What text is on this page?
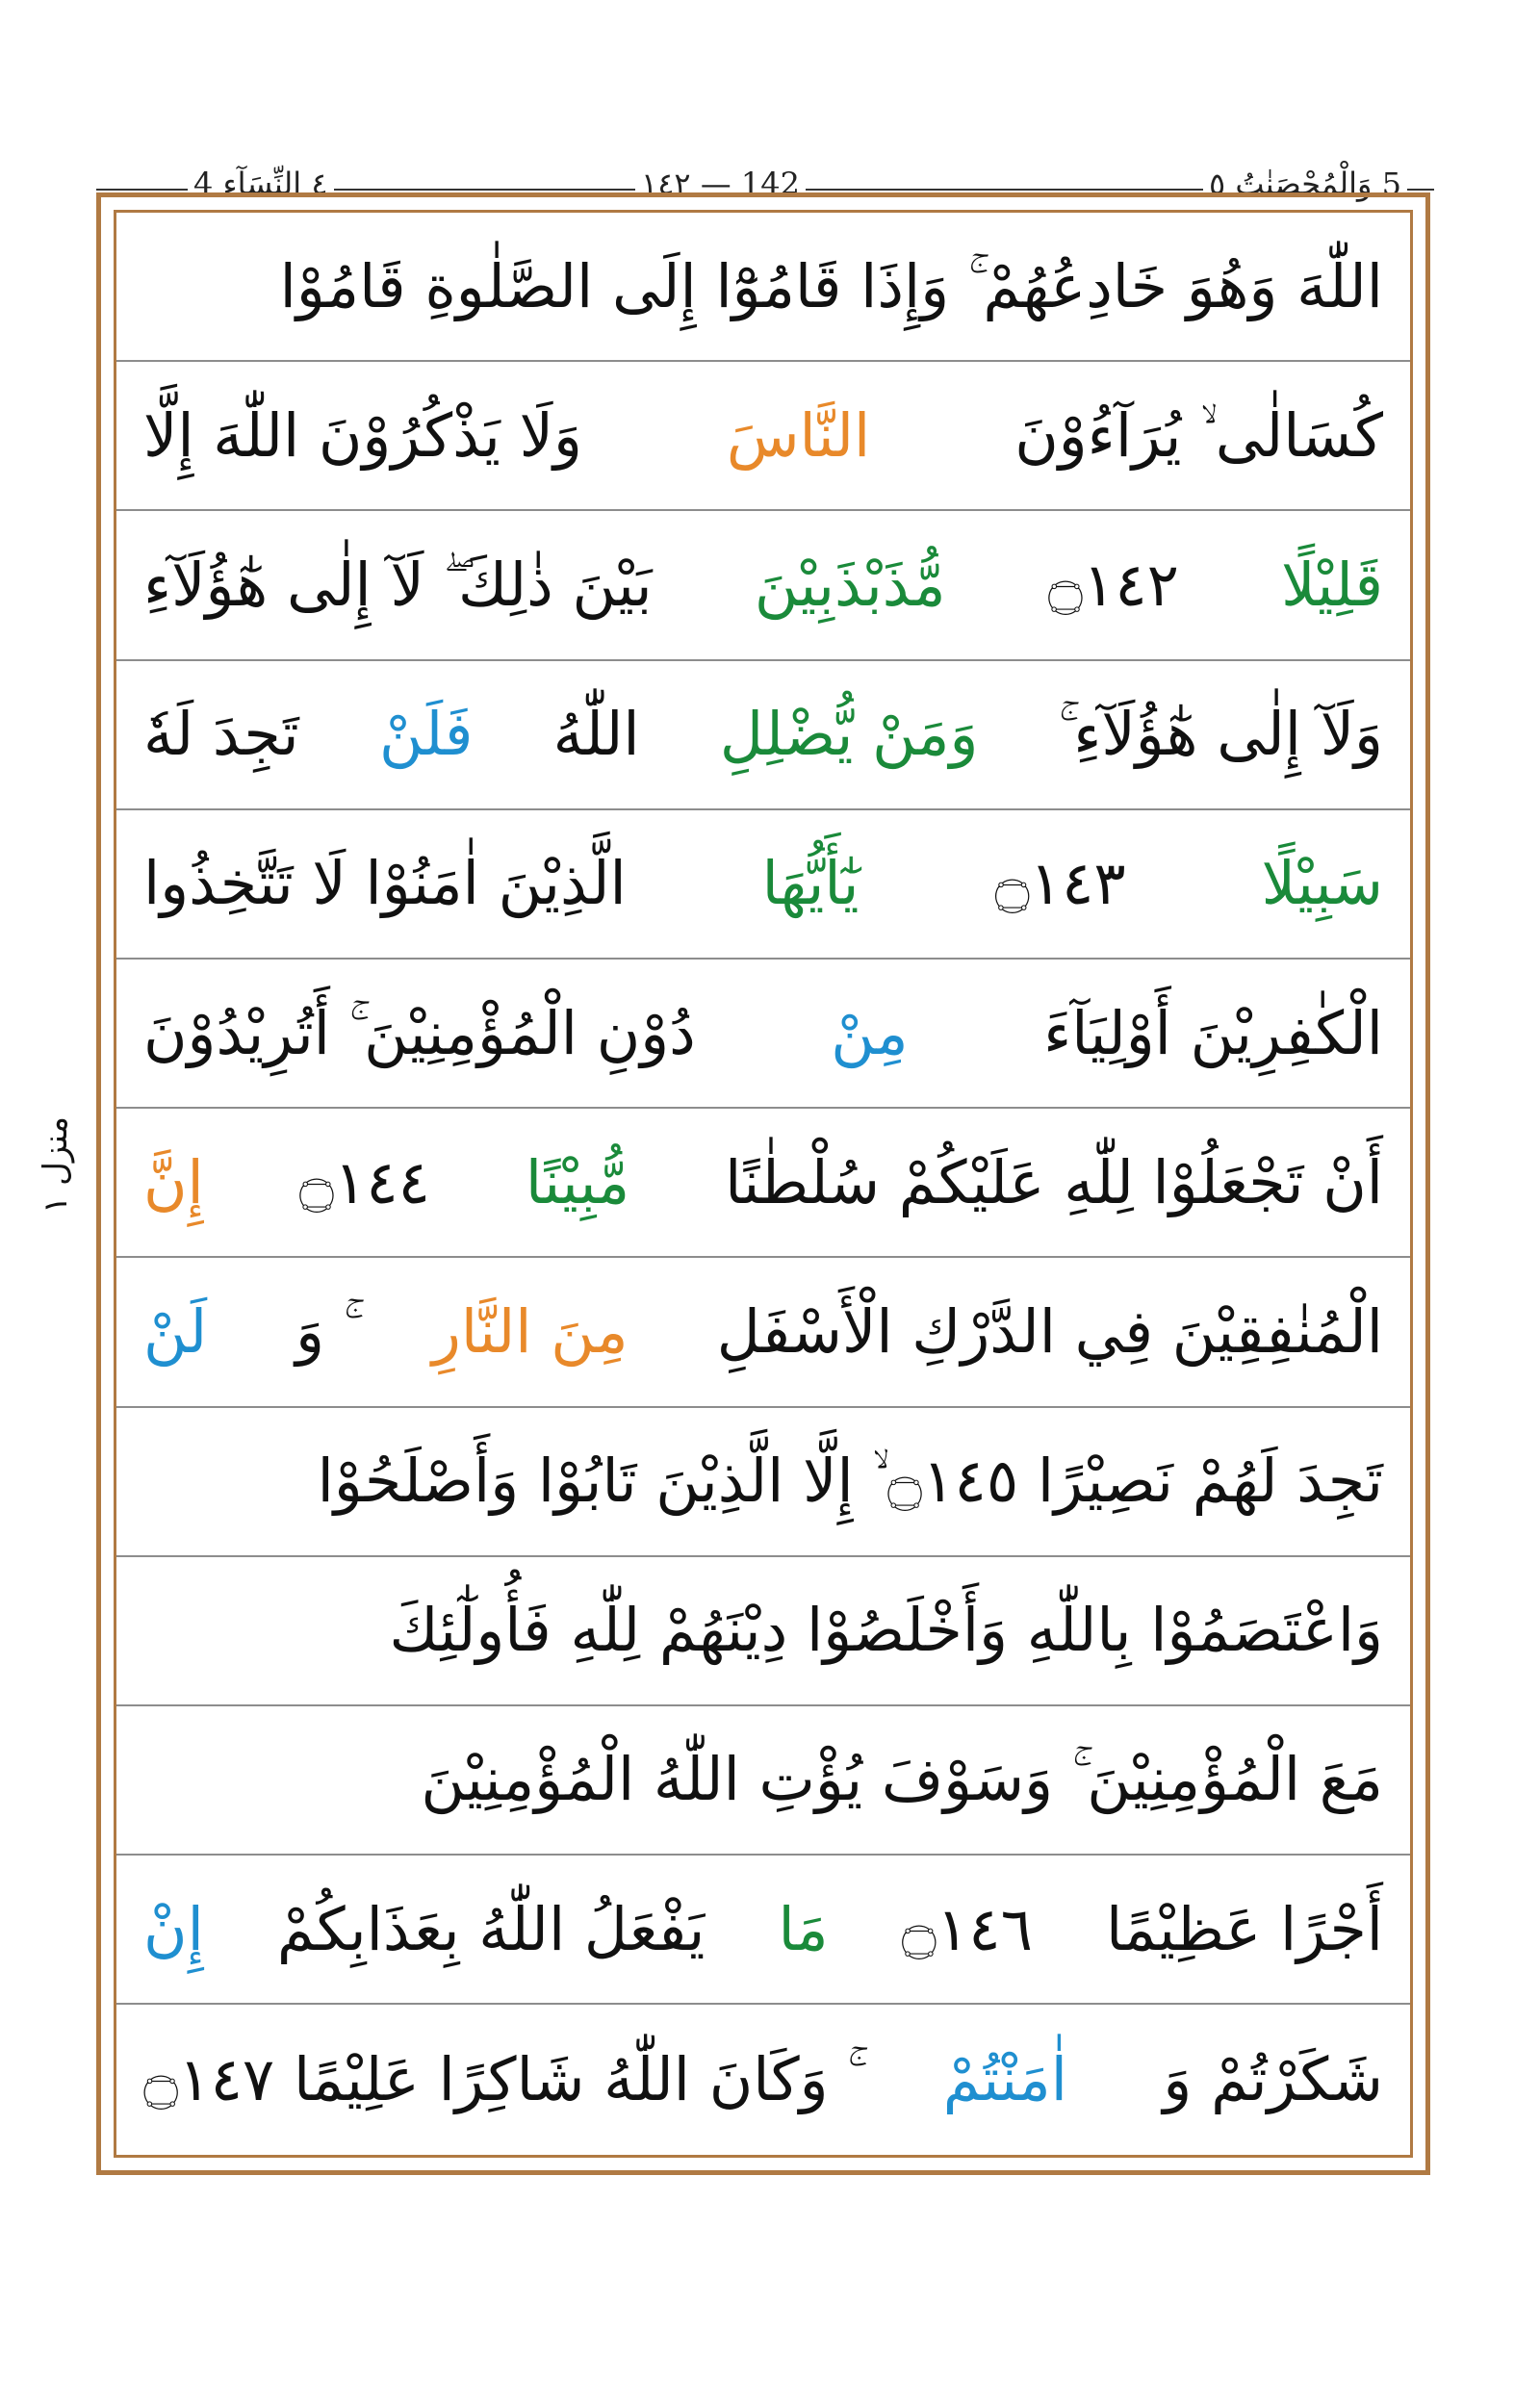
٤ النِّسَآء 4	142 — ١٤٢	5 وَالْمُحْصَنٰتُ ٥
منزل ١
اللّٰهَ وَهُوَ خَادِعُهُمْ ۚ وَإِذَا قَامُوْٓا إِلَى الصَّلٰوةِ قَامُوْا
كُسَالٰى ۙ يُرَآءُوْنَ
النَّاسَ
وَلَا يَذْكُرُوْنَ اللّٰهَ إِلَّا
قَلِيْلًا
۝١٤٢
مُّذَبْذَبِيْنَ
بَيْنَ ذٰلِكَ ۖ لَآ إِلٰى هٰٓؤُلَآءِ
وَلَآ إِلٰى هٰٓؤُلَآءِ ۚ
وَمَنْ يُّضْلِلِ
اللّٰهُ
فَلَنْ
تَجِدَ لَهٗ
سَبِيْلًا
۝١٤٣
يٰٓأَيُّهَا
الَّذِيْنَ اٰمَنُوْا لَا تَتَّخِذُوا
الْكٰفِرِيْنَ أَوْلِيَآءَ
مِنْ
دُوْنِ الْمُؤْمِنِيْنَ ۚ أَتُرِيْدُوْنَ
أَنْ تَجْعَلُوْا لِلّٰهِ عَلَيْكُمْ سُلْطٰنًا
مُّبِيْنًا
۝١٤٤
إِنَّ
الْمُنٰفِقِيْنَ فِي الدَّرْكِ الْأَسْفَلِ
مِنَ النَّارِ
ۚ وَ
لَنْ
تَجِدَ لَهُمْ نَصِيْرًا ۝١٤٥ ۙ إِلَّا الَّذِيْنَ تَابُوْا وَأَصْلَحُوْا
وَاعْتَصَمُوْا بِاللّٰهِ وَأَخْلَصُوْا دِيْنَهُمْ لِلّٰهِ فَأُولٰٓئِكَ
مَعَ الْمُؤْمِنِيْنَ ۚ وَسَوْفَ يُؤْتِ اللّٰهُ الْمُؤْمِنِيْنَ
أَجْرًا عَظِيْمًا
۝١٤٦
مَا
يَفْعَلُ اللّٰهُ بِعَذَابِكُمْ
إِنْ
شَكَرْتُمْ وَ
اٰمَنْتُمْ
ۚ وَكَانَ اللّٰهُ شَاكِرًا عَلِيْمًا ۝١٤٧
